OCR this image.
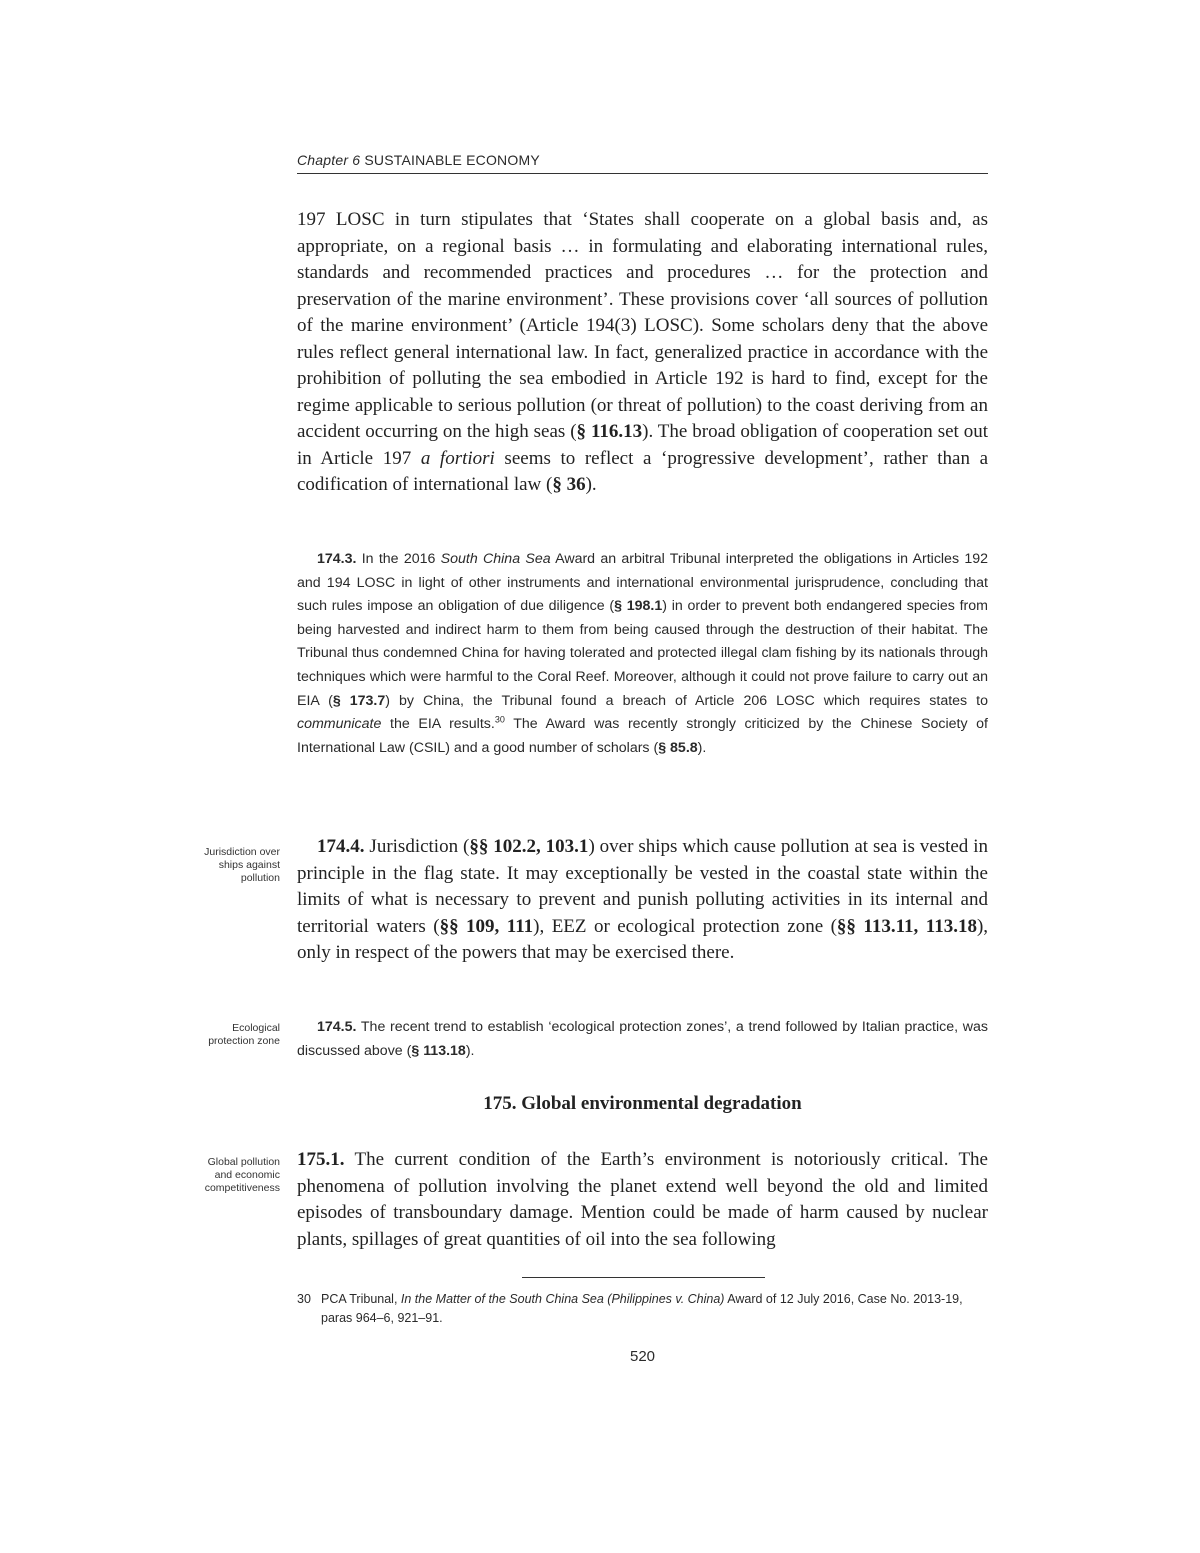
Chapter 6 SUSTAINABLE ECONOMY
197 LOSC in turn stipulates that ‘States shall cooperate on a global basis and, as appropriate, on a regional basis … in formulating and elaborating international rules, standards and recommended practices and procedures … for the protection and preservation of the marine environment’. These provisions cover ‘all sources of pollution of the marine environment’ (Article 194(3) LOSC). Some scholars deny that the above rules reflect general international law. In fact, generalized practice in accordance with the prohibition of polluting the sea embodied in Article 192 is hard to find, except for the regime applicable to serious pollution (or threat of pollution) to the coast deriving from an accident occurring on the high seas (§ 116.13). The broad obligation of cooperation set out in Article 197 a fortiori seems to reflect a ‘progressive development’, rather than a codification of international law (§ 36).
174.3. In the 2016 South China Sea Award an arbitral Tribunal interpreted the obligations in Articles 192 and 194 LOSC in light of other instruments and international environmental jurisprudence, concluding that such rules impose an obligation of due diligence (§ 198.1) in order to prevent both endangered species from being harvested and indirect harm to them from being caused through the destruction of their habitat. The Tribunal thus condemned China for having tolerated and protected illegal clam fishing by its nationals through techniques which were harmful to the Coral Reef. Moreover, although it could not prove failure to carry out an EIA (§ 173.7) by China, the Tribunal found a breach of Article 206 LOSC which requires states to communicate the EIA results.$^{30}$ The Award was recently strongly criticized by the Chinese Society of International Law (CSIL) and a good number of scholars (§ 85.8).
Jurisdiction over
ships against
pollution
174.4. Jurisdiction (§§ 102.2, 103.1) over ships which cause pollution at sea is vested in principle in the flag state. It may exceptionally be vested in the coastal state within the limits of what is necessary to prevent and punish polluting activities in its internal and territorial waters (§§ 109, 111), EEZ or ecological protection zone (§§ 113.11, 113.18), only in respect of the powers that may be exercised there.
Ecological
protection zone
174.5. The recent trend to establish ‘ecological protection zones’, a trend followed by Italian practice, was discussed above (§ 113.18).
175. Global environmental degradation
Global pollution
and economic
competitiveness
175.1. The current condition of the Earth’s environment is notoriously critical. The phenomena of pollution involving the planet extend well beyond the old and limited episodes of transboundary damage. Mention could be made of harm caused by nuclear plants, spillages of great quantities of oil into the sea following
30 PCA Tribunal, In the Matter of the South China Sea (Philippines v. China) Award of 12 July 2016, Case No. 2013-19, paras 964–6, 921–91.
520
